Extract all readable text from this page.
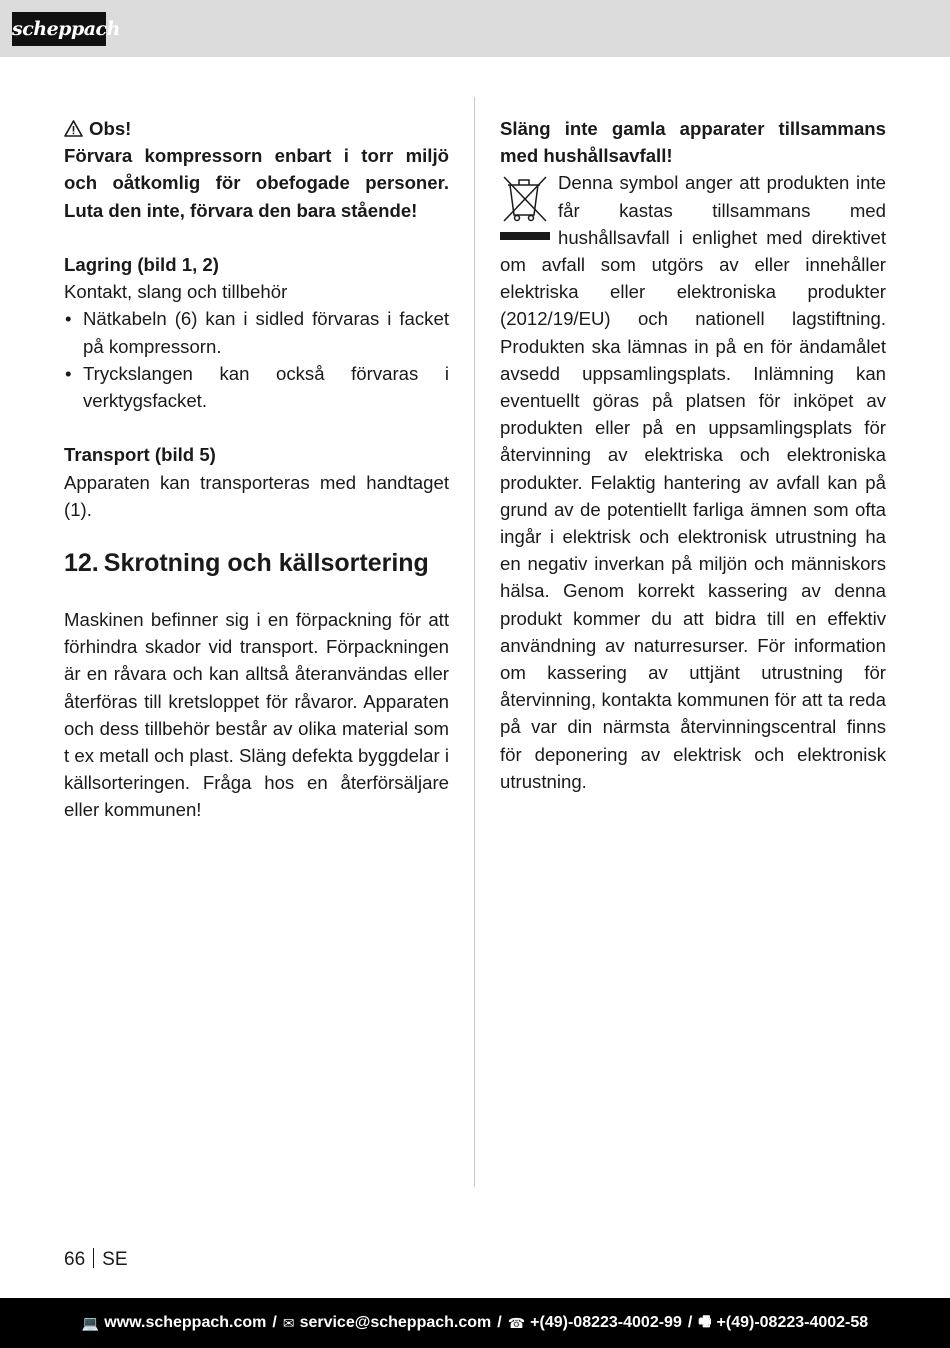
scheppach
Obs!

Förvara kompressorn enbart i torr miljö och oåtkomlig för obefogade personer. Luta den inte, förvara den bara stående!

Lagring (bild 1, 2)

Kontakt, slang och tillbehör

• Nätkabeln (6) kan i sidled förvaras i facket på kompressorn.
• Tryckslangen kan också förvaras i verktygsfacket.

Transport (bild 5)

Apparaten kan transporteras med handtaget (1).

12. Skrotning och källsortering

Maskinen befinner sig i en förpackning för att förhindra skador vid transport. Förpackningen är en råvara och kan alltså återanvändas eller återföras till kretsloppet för råvaror. Apparaten och dess tillbehör består av olika material som t ex metall och plast. Släng defekta byggdelar i källsorteringen. Fråga hos en återförsäljare eller kommunen!

Släng inte gamla apparater tillsammans med hushållsavfall!

Denna symbol anger att produkten inte får kastas tillsammans med hushållsavfall i enlighet med direktivet om avfall som utgörs av eller innehåller elektriska eller elektroniska produkter (2012/19/EU) och nationell lagstiftning. Produkten ska lämnas in på en för ändamålet avsedd uppsamlingsplats. Inlämning kan eventuellt göras på platsen för inköpet av produkten eller på en uppsamlingsplats för återvinning av elektriska och elektroniska produkter. Felaktig hantering av avfall kan på grund av de potentiellt farliga ämnen som ofta ingår i elektrisk och elektronisk utrustning ha en negativ inverkan på miljön och människors hälsa. Genom korrekt kassering av denna produkt kommer du att bidra till en effektiv användning av naturresurser. För information om kassering av uttjänt utrustning för återvinning, kontakta kommunen för att ta reda på var din närmsta återvinningscentral finns för deponering av elektrisk och elektronisk utrustning.

66 SE
💻 www.scheppach.com / ✉ service@scheppach.com / ☎ +(49)-08223-4002-99 / 🖷 +(49)-08223-4002-58
